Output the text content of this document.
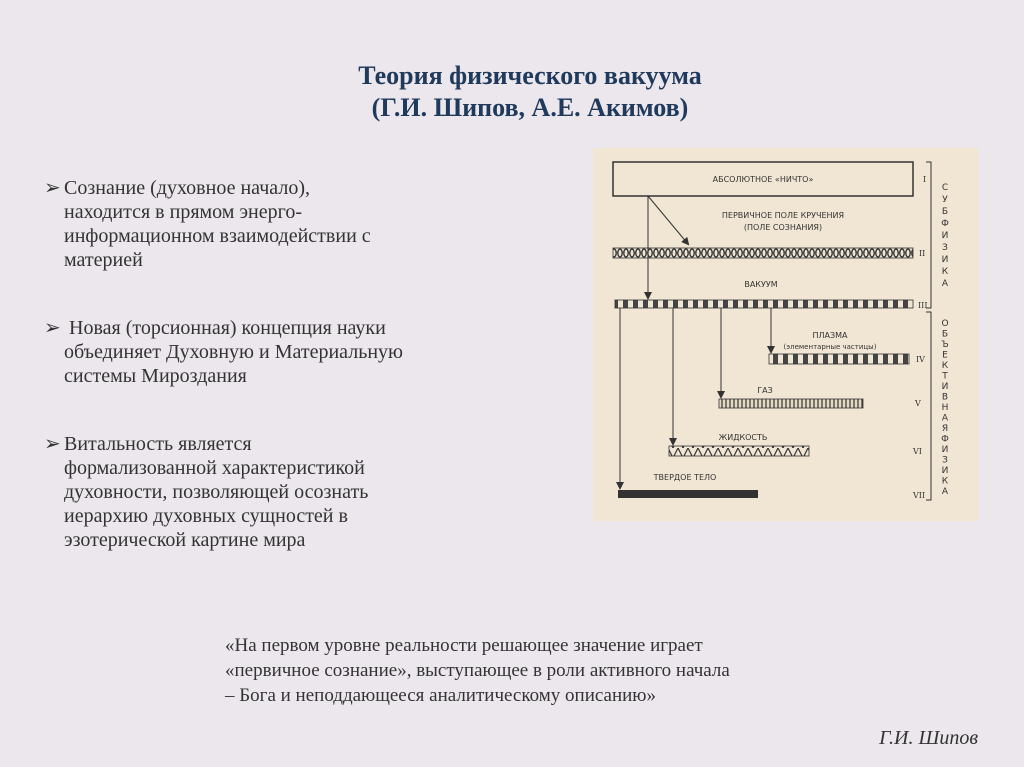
Теория физического вакуума
(Г.И. Шипов, А.Е. Акимов)
➢ Сознание (духовное начало),
находится в прямом энерго-
информационном взаимодействии с
материей
➢ Новая (торсионная) концепция науки
объединяет Духовную и Материальную
системы Мироздания
➢ Витальность является
формализованной характеристикой
духовности, позволяющей осознать
иерархию духовных сущностей в
эзотерической картине мира
АБСОЛЮТНОЕ «НИЧТО»	I
ПЕРВИЧНОЕ ПОЛЕ КРУЧЕНИЯ
(ПОЛЕ СОЗНАНИЯ)
II
ВАКУУМ
III
ПЛАЗМА
(элементарные частицы)
IV
ГАЗ
V
ЖИДКОСТЬ
VI
ТВЕРДОЕ ТЕЛО
VII
С
У
Б
Ф
И
З
И
К
А
О
Б
Ъ
Е
К
Т
И
В
Н
А
Я
Ф
И
З
И
К
А
«На первом уровне реальности решающее значение играет
«первичное сознание», выступающее в роли активного начала
– Бога и неподдающееся аналитическому описанию»
Г.И. Шипов
